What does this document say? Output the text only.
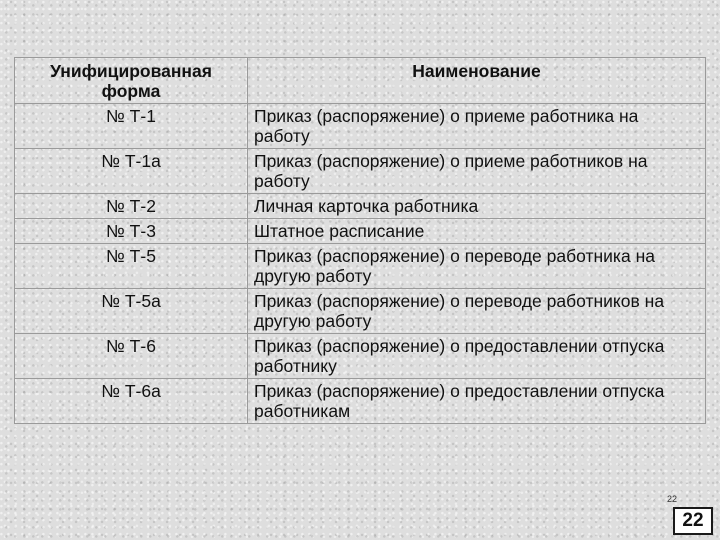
Унифицированная форма	Наименование
№ Т-1	Приказ (распоряжение) о приеме работника на работу
№ Т-1а	Приказ (распоряжение) о приеме работников на работу
№ Т-2	Личная карточка работника
№ Т-3	Штатное расписание
№ Т-5	Приказ (распоряжение) о переводе работника на другую работу
№ Т-5а	Приказ (распоряжение) о переводе работников на другую работу
№ Т-6	Приказ (распоряжение) о предоставлении отпуска работнику
№ Т-6а	Приказ (распоряжение) о предоставлении отпуска работникам
22
22
